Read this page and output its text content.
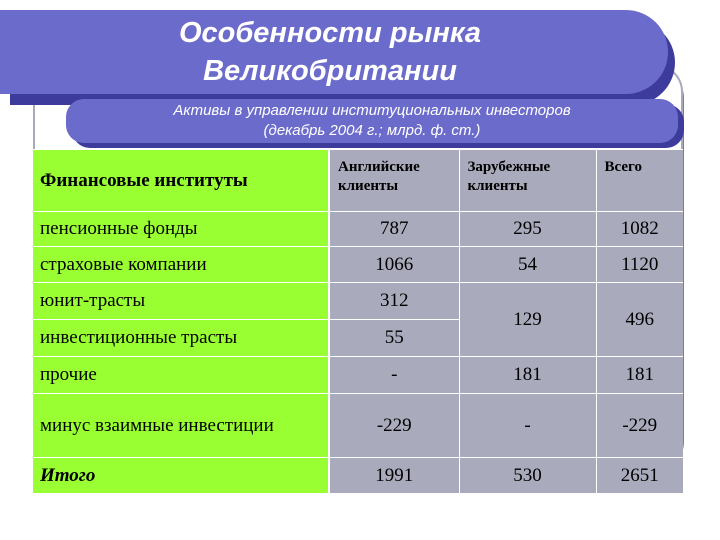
Особенности рынка
Великобритании
Активы в управлении институциональных инвесторов
(декабрь 2004 г.; млрд. ф. ст.)
Финансовые институты	Английские клиенты	Зарубежные клиенты	Всего
пенсионные фонды	787	295	1082
страховые компании	1066	54	1120
юнит-трасты	312	129	496
инвестиционные трасты	55		
прочие	-	181	181
минус взаимные инвестиции	-229	-	-229
Итого	1991	530	2651
